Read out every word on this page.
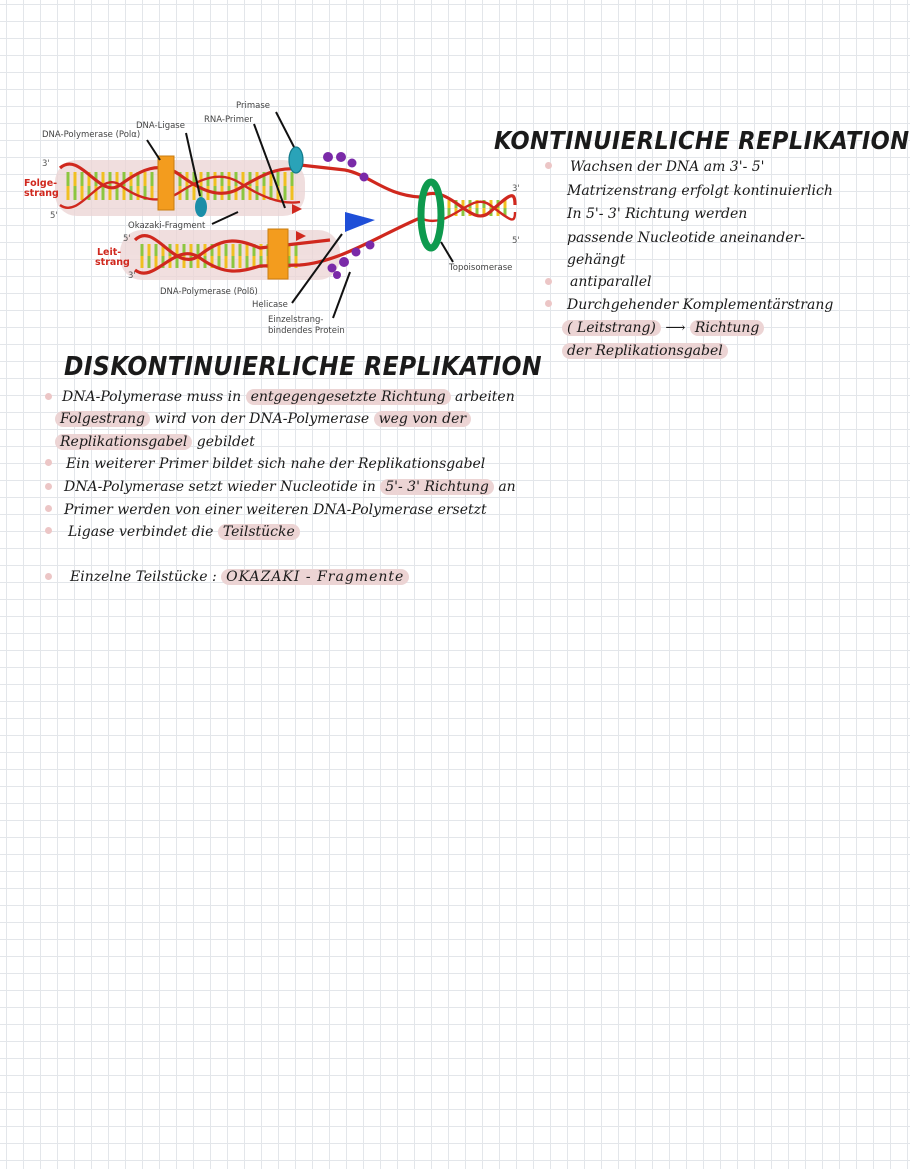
Primase
RNA-Primer
DNA-Ligase
DNA-Polymerase (Polα)
Okazaki-Fragment
DNA-Polymerase (Polδ)
Helicase
Einzelstrang-
bindendes Protein
Topoisomerase
Folge-
strang
Leit-
strang
3'
5'
5'
3'
3'
5'
KONTINUIERLICHE REPLIKATION

Wachsen der DNA am 3'- 5'

Matrizenstrang erfolgt kontinuierlich

In 5'- 3' Richtung werden

passende Nucleotide aneinander-

gehängt

antiparallel

Durchgehender Komplementärstrang

( Leitstrang) ⟶ Richtung

der Replikationsgabel

DISKONTINUIERLICHE REPLIKATION

DNA-Polymerase muss in entgegengesetzte Richtung arbeiten

Folgestrang wird von der DNA-Polymerase weg von der

Replikationsgabel gebildet

Ein weiterer Primer bildet sich nahe der Replikationsgabel

DNA-Polymerase setzt wieder Nucleotide in 5'- 3' Richtung an

Primer werden von einer weiteren DNA-Polymerase ersetzt

Ligase verbindet die Teilstücke

Einzelne Teilstücke : OKAZAKI - Fragmente
